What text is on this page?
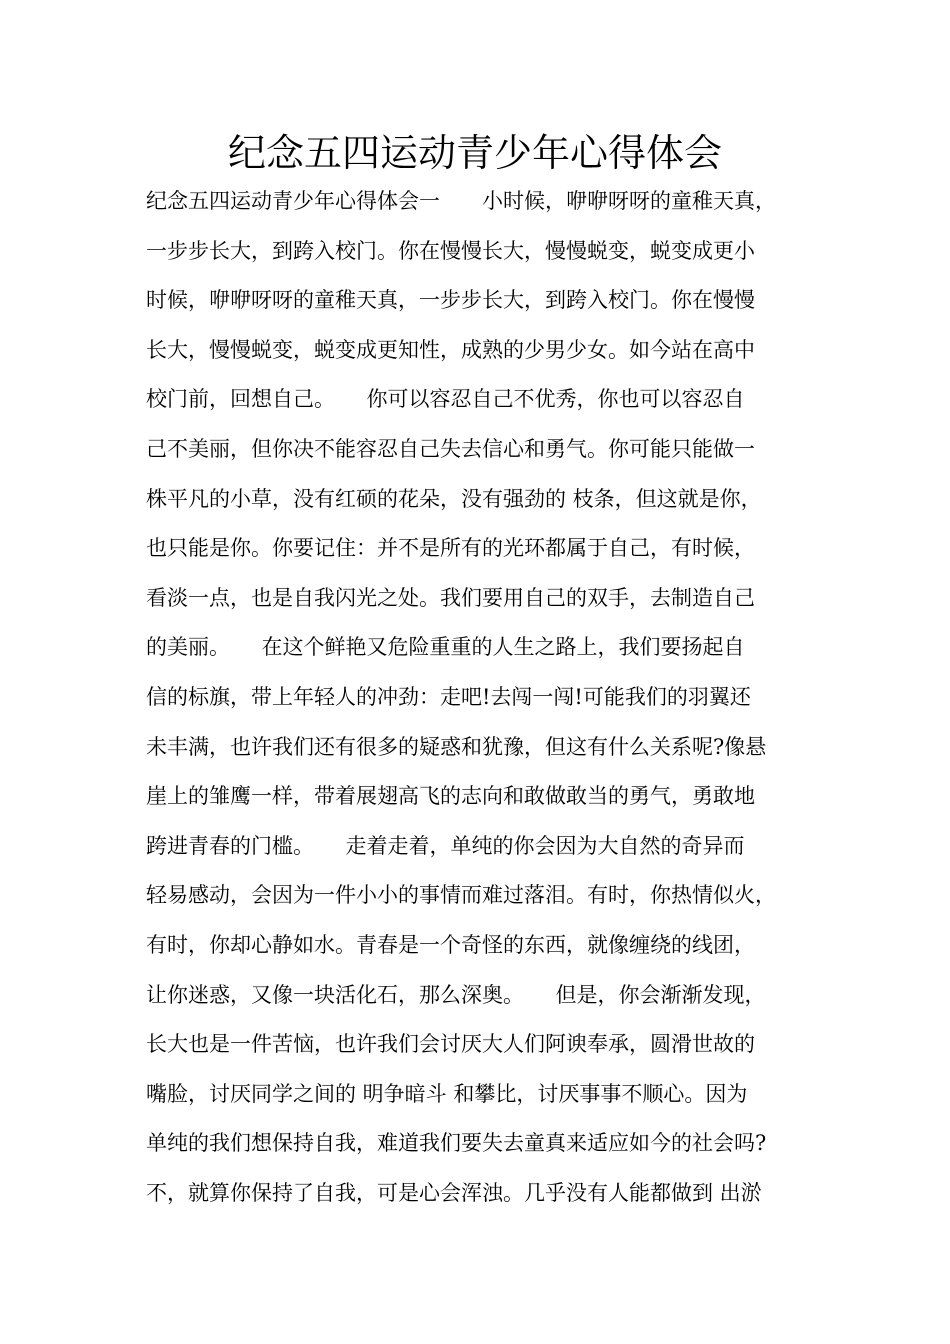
纪念五四运动青少年心得体会
纪念五四运动青少年心得体会一　　小时候，咿咿呀呀的童稚天真，
一步步长大，到跨入校门。你在慢慢长大，慢慢蜕变，蜕变成更小
时候，咿咿呀呀的童稚天真，一步步长大，到跨入校门。你在慢慢
长大，慢慢蜕变，蜕变成更知性，成熟的少男少女。如今站在高中
校门前，回想自己。　　你可以容忍自己不优秀，你也可以容忍自
己不美丽，但你决不能容忍自己失去信心和勇气。你可能只能做一
株平凡的小草，没有红硕的花朵，没有强劲的 枝条，但这就是你，
也只能是你。你要记住：并不是所有的光环都属于自己，有时候，
看淡一点，也是自我闪光之处。我们要用自己的双手，去制造自己
的美丽。　　在这个鲜艳又危险重重的人生之路上，我们要扬起自
信的标旗，带上年轻人的冲劲：走吧!去闯一闯!可能我们的羽翼还
未丰满，也许我们还有很多的疑惑和犹豫，但这有什么关系呢?像悬
崖上的雏鹰一样，带着展翅高飞的志向和敢做敢当的勇气，勇敢地
跨进青春的门槛。　　走着走着，单纯的你会因为大自然的奇异而
轻易感动，会因为一件小小的事情而难过落泪。有时，你热情似火，
有时，你却心静如水。青春是一个奇怪的东西，就像缠绕的线团，
让你迷惑，又像一块活化石，那么深奥。　　但是，你会渐渐发现，
长大也是一件苦恼，也许我们会讨厌大人们阿谀奉承，圆滑世故的
嘴脸，讨厌同学之间的 明争暗斗 和攀比，讨厌事事不顺心。因为
单纯的我们想保持自我，难道我们要失去童真来适应如今的社会吗?
不，就算你保持了自我，可是心会浑浊。几乎没有人能都做到 出淤
